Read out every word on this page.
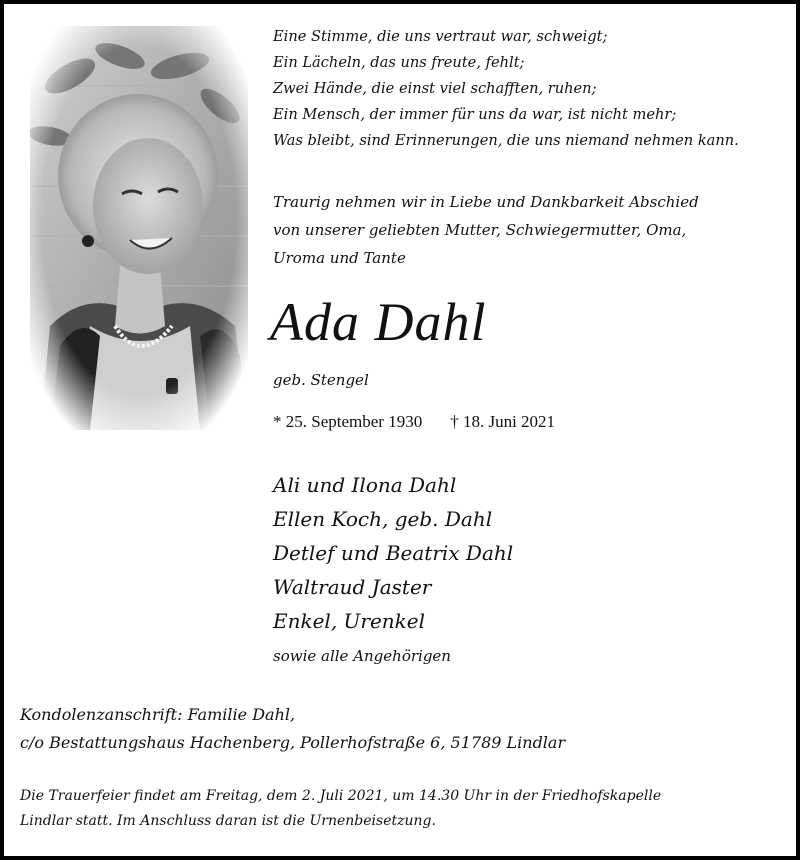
Eine Stimme, die uns vertraut war, schweigt;
Ein Lächeln, das uns freute, fehlt;
Zwei Hände, die einst viel schafften, ruhen;
Ein Mensch, der immer für uns da war, ist nicht mehr;
Was bleibt, sind Erinnerungen, die uns niemand nehmen kann.
Traurig nehmen wir in Liebe und Dankbarkeit Abschied
von unserer geliebten Mutter, Schwiegermutter, Oma,
Uroma und Tante
Ada Dahl
geb. Stengel
* 25. September 1930 † 18. Juni 2021
Ali und Ilona Dahl
Ellen Koch, geb. Dahl
Detlef und Beatrix Dahl
Waltraud Jaster
Enkel, Urenkel
sowie alle Angehörigen
Kondolenzanschrift: Familie Dahl,
c/o Bestattungshaus Hachenberg, Pollerhofstraße 6, 51789 Lindlar
Die Trauerfeier findet am Freitag, dem 2. Juli 2021, um 14.30 Uhr in der Friedhofskapelle
Lindlar statt. Im Anschluss daran ist die Urnenbeisetzung.
